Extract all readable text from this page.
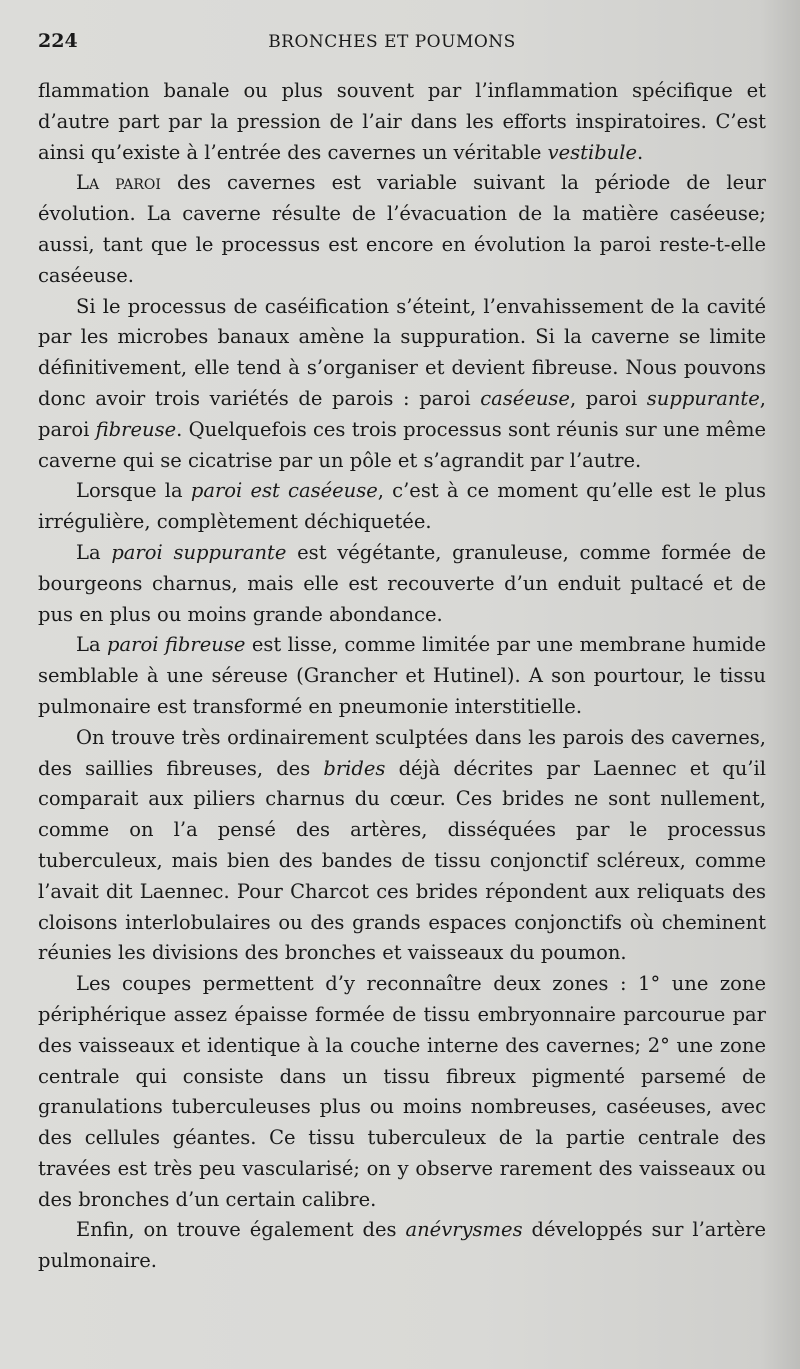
224	BRONCHES ET POUMONS

flammation banale ou plus souvent par l’inflammation spécifique et d’autre part par la pression de l’air dans les efforts inspiratoires. C’est ainsi qu’existe à l’entrée des cavernes un véritable vestibule.

La paroi des cavernes est variable suivant la période de leur évolution. La caverne résulte de l’évacuation de la matière caséeuse; aussi, tant que le processus est encore en évolution la paroi reste-t-elle caséeuse.

Si le processus de caséification s’éteint, l’envahissement de la cavité par les microbes banaux amène la suppuration. Si la caverne se limite définitivement, elle tend à s’organiser et devient fibreuse. Nous pouvons donc avoir trois variétés de parois : paroi caséeuse, paroi suppurante, paroi fibreuse. Quelquefois ces trois processus sont réunis sur une même caverne qui se cicatrise par un pôle et s’agrandit par l’autre.

Lorsque la paroi est caséeuse, c’est à ce moment qu’elle est le plus irrégulière, complètement déchiquetée.

La paroi suppurante est végétante, granuleuse, comme formée de bourgeons charnus, mais elle est recouverte d’un enduit pultacé et de pus en plus ou moins grande abondance.

La paroi fibreuse est lisse, comme limitée par une membrane humide semblable à une séreuse (Grancher et Hutinel). A son pourtour, le tissu pulmonaire est transformé en pneumonie interstitielle.

On trouve très ordinairement sculptées dans les parois des cavernes, des saillies fibreuses, des brides déjà décrites par Laennec et qu’il comparait aux piliers charnus du cœur. Ces brides ne sont nullement, comme on l’a pensé des artères, disséquées par le processus tuberculeux, mais bien des bandes de tissu conjonctif scléreux, comme l’avait dit Laennec. Pour Charcot ces brides répondent aux reliquats des cloisons interlobulaires ou des grands espaces conjonctifs où cheminent réunies les divisions des bronches et vaisseaux du poumon.

Les coupes permettent d’y reconnaître deux zones : 1° une zone périphérique assez épaisse formée de tissu embryonnaire parcourue par des vaisseaux et identique à la couche interne des cavernes; 2° une zone centrale qui consiste dans un tissu fibreux pigmenté parsemé de granulations tuberculeuses plus ou moins nombreuses, caséeuses, avec des cellules géantes. Ce tissu tuberculeux de la partie centrale des travées est très peu vascularisé; on y observe rarement des vaisseaux ou des bronches d’un certain calibre.

Enfin, on trouve également des anévrysmes développés sur l’artère pulmonaire.
